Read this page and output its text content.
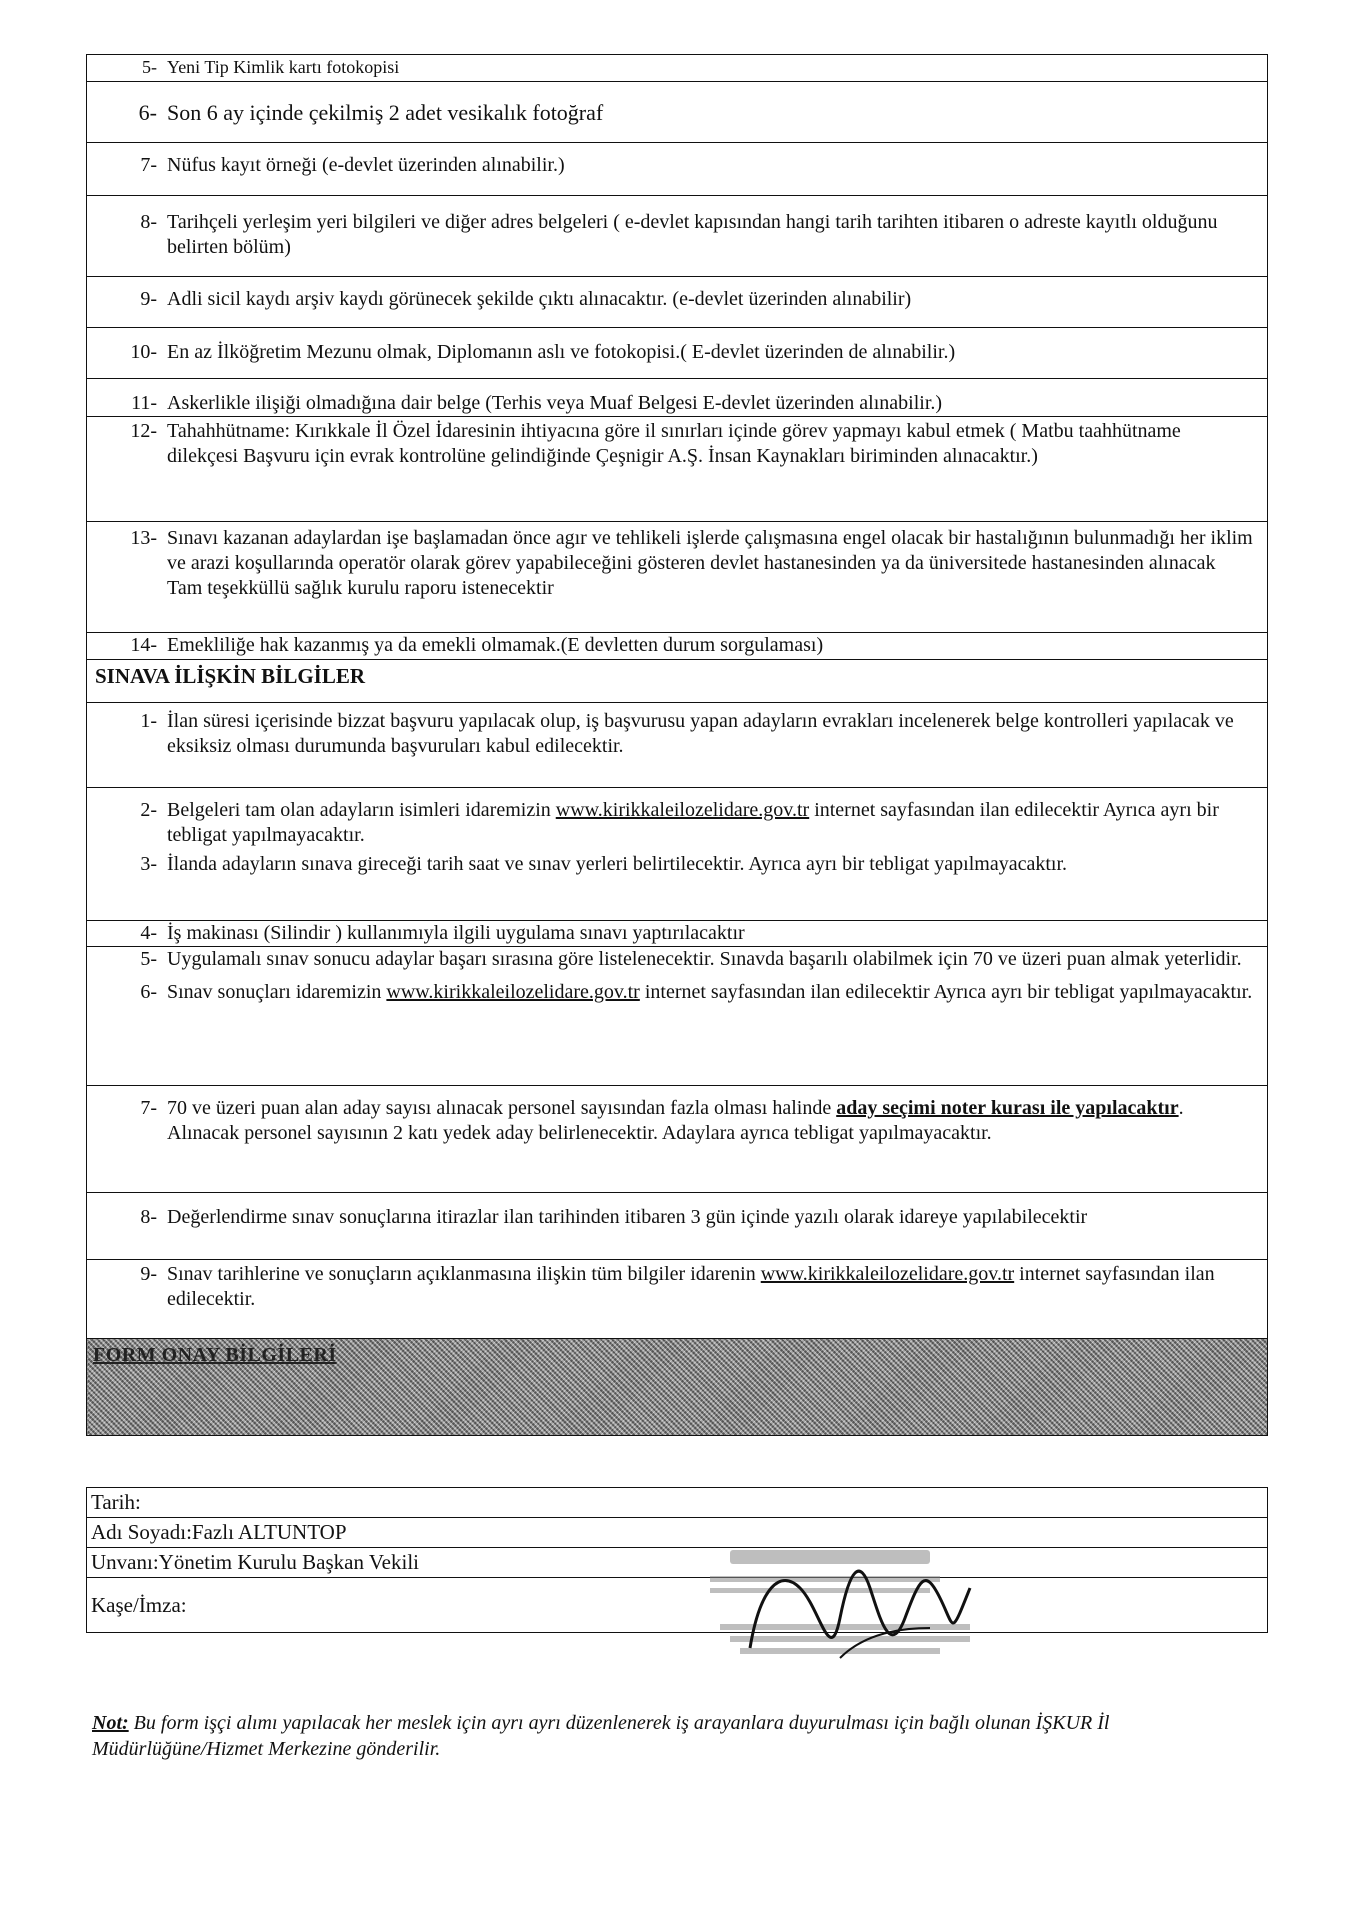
5- Yeni Tip Kimlik kartı fotokopisi

6- Son 6 ay içinde çekilmiş 2 adet vesikalık fotoğraf

7- Nüfus kayıt örneği (e-devlet üzerinden alınabilir.)

8- Tarihçeli yerleşim yeri bilgileri ve diğer adres belgeleri ( e-devlet kapısından hangi tarih tarihten itibaren o adreste kayıtlı olduğunu belirten bölüm)

9- Adli sicil kaydı arşiv kaydı görünecek şekilde çıktı alınacaktır. (e-devlet üzerinden alınabilir)

10- En az İlköğretim Mezunu olmak, Diplomanın aslı ve fotokopisi.( E-devlet üzerinden de alınabilir.)

11- Askerlikle ilişiği olmadığına dair belge (Terhis veya Muaf Belgesi E-devlet üzerinden alınabilir.)

12- Tahahhütname: Kırıkkale İl Özel İdaresinin ihtiyacına göre il sınırları içinde görev yapmayı kabul etmek ( Matbu taahhütname dilekçesi Başvuru için evrak kontrolüne gelindiğinde Çeşnigir A.Ş. İnsan Kaynakları biriminden alınacaktır.)

13- Sınavı kazanan adaylardan işe başlamadan önce agır ve tehlikeli işlerde çalışmasına engel olacak bir hastalığının bulunmadığı her iklim ve arazi koşullarında operatör olarak görev yapabileceğini gösteren devlet hastanesinden ya da üniversitede hastanesinden alınacak Tam teşekküllü sağlık kurulu raporu istenecektir

14- Emekliliğe hak kazanmış ya da emekli olmamak.(E devletten durum sorgulaması)

SINAVA İLİŞKİN BİLGİLER

1- İlan süresi içerisinde bizzat başvuru yapılacak olup, iş başvurusu yapan adayların evrakları incelenerek belge kontrolleri yapılacak ve eksiksiz olması durumunda başvuruları kabul edilecektir.

2- Belgeleri tam olan adayların isimleri idaremizin www.kirikkaleilozelidare.gov.tr internet sayfasından ilan edilecektir Ayrıca ayrı bir tebligat yapılmayacaktır.
3- İlanda adayların sınava gireceği tarih saat ve sınav yerleri belirtilecektir. Ayrıca ayrı bir tebligat yapılmayacaktır.

4- İş makinası (Silindir ) kullanımıyla ilgili uygulama sınavı yaptırılacaktır

5- Uygulamalı sınav sonucu adaylar başarı sırasına göre listelenecektir. Sınavda başarılı olabilmek için 70 ve üzeri puan almak yeterlidir.
6- Sınav sonuçları idaremizin www.kirikkaleilozelidare.gov.tr internet sayfasından ilan edilecektir Ayrıca ayrı bir tebligat yapılmayacaktır.

7- 70 ve üzeri puan alan aday sayısı alınacak personel sayısından fazla olması halinde aday seçimi noter kurası ile yapılacaktır. Alınacak personel sayısının 2 katı yedek aday belirlenecektir. Adaylara ayrıca tebligat yapılmayacaktır.

8- Değerlendirme sınav sonuçlarına itirazlar ilan tarihinden itibaren 3 gün içinde yazılı olarak idareye yapılabilecektir

9- Sınav tarihlerine ve sonuçların açıklanmasına ilişkin tüm bilgiler idarenin www.kirikkaleilozelidare.gov.tr internet sayfasından ilan edilecektir.

FORM ONAY BİLGİLERİ
Tarih:
Adı Soyadı:Fazlı ALTUNTOP
Unvanı:Yönetim Kurulu Başkan Vekili
Kaşe/İmza:
Not: Bu form işçi alımı yapılacak her meslek için ayrı ayrı düzenlenerek iş arayanlara duyurulması için bağlı olunan İŞKUR İl Müdürlüğüne/Hizmet Merkezine gönderilir.
